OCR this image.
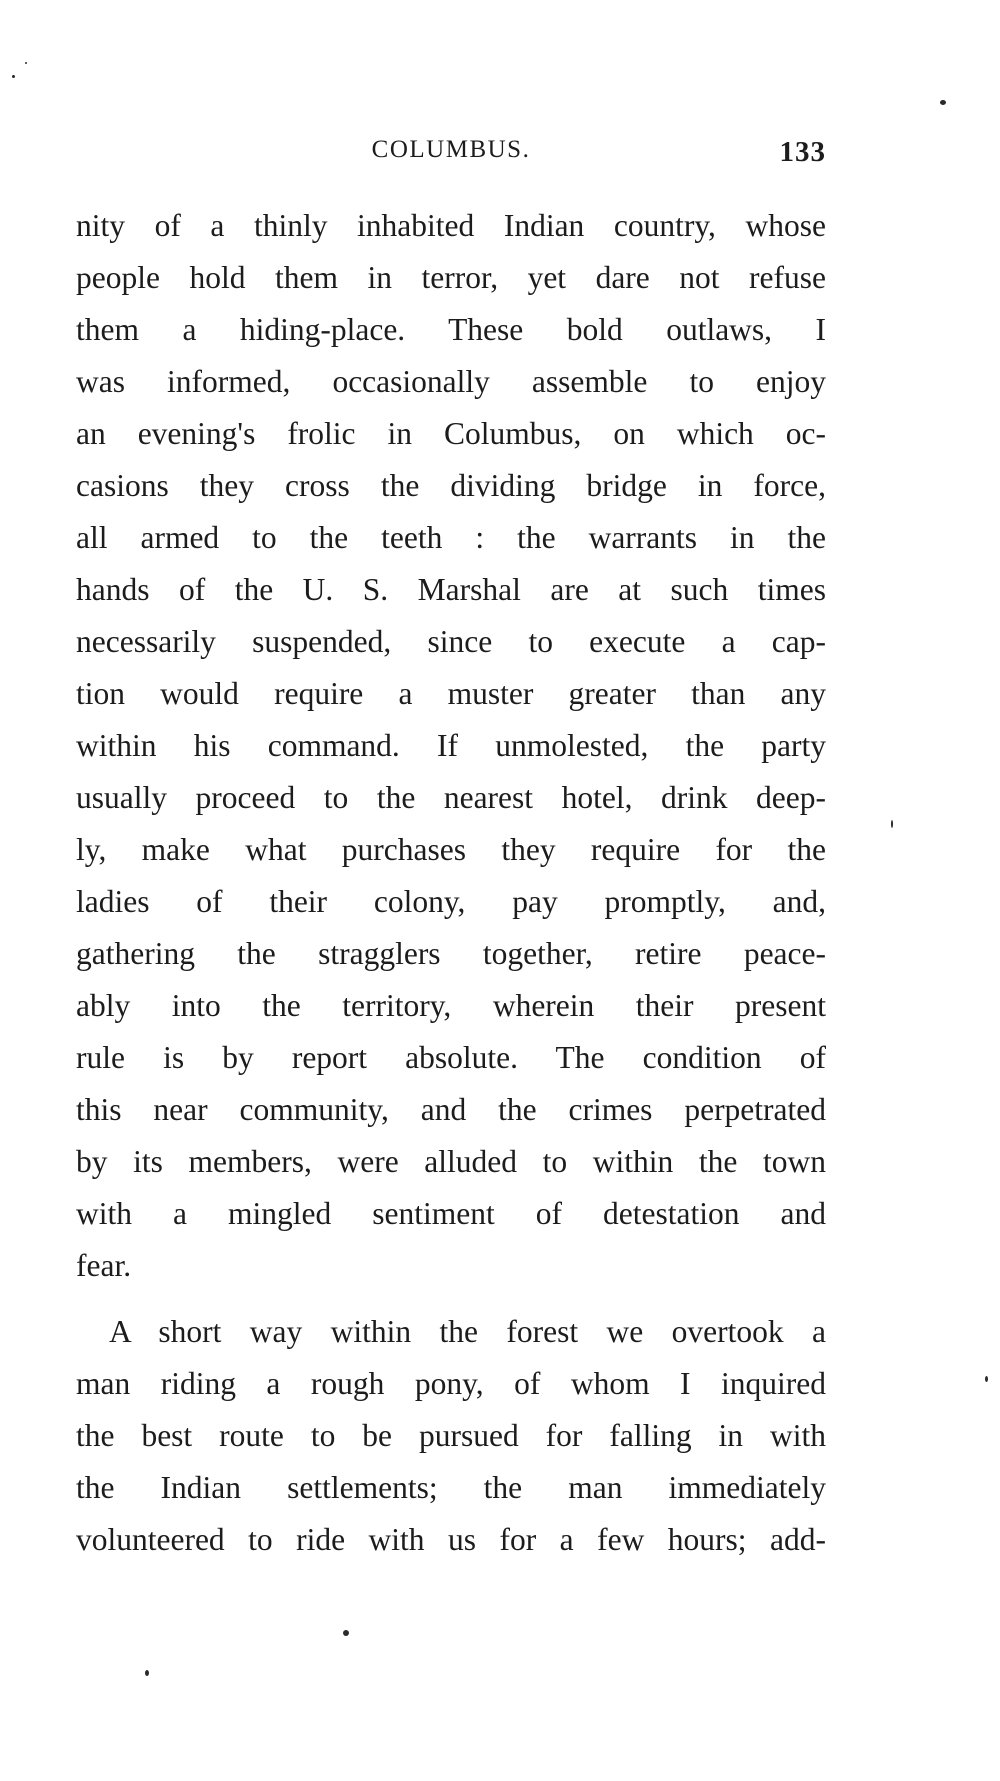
COLUMBUS.	133
nity of a thinly inhabited Indian country, whose
people hold them in terror, yet dare not refuse
them a hiding-place. These bold outlaws, I
was informed, occasionally assemble to enjoy
an evening's frolic in Columbus, on which oc-
casions they cross the dividing bridge in force,
all armed to the teeth : the warrants in the
hands of the U. S. Marshal are at such times
necessarily suspended, since to execute a cap-
tion would require a muster greater than any
within his command. If unmolested, the party
usually proceed to the nearest hotel, drink deep-
ly, make what purchases they require for the
ladies of their colony, pay promptly, and,
gathering the stragglers together, retire peace-
ably into the territory, wherein their present
rule is by report absolute. The condition of
this near community, and the crimes perpetrated
by its members, were alluded to within the town
with a mingled sentiment of detestation and
fear.
A short way within the forest we overtook a
man riding a rough pony, of whom I inquired
the best route to be pursued for falling in with
the Indian settlements; the man immediately
volunteered to ride with us for a few hours; add-
